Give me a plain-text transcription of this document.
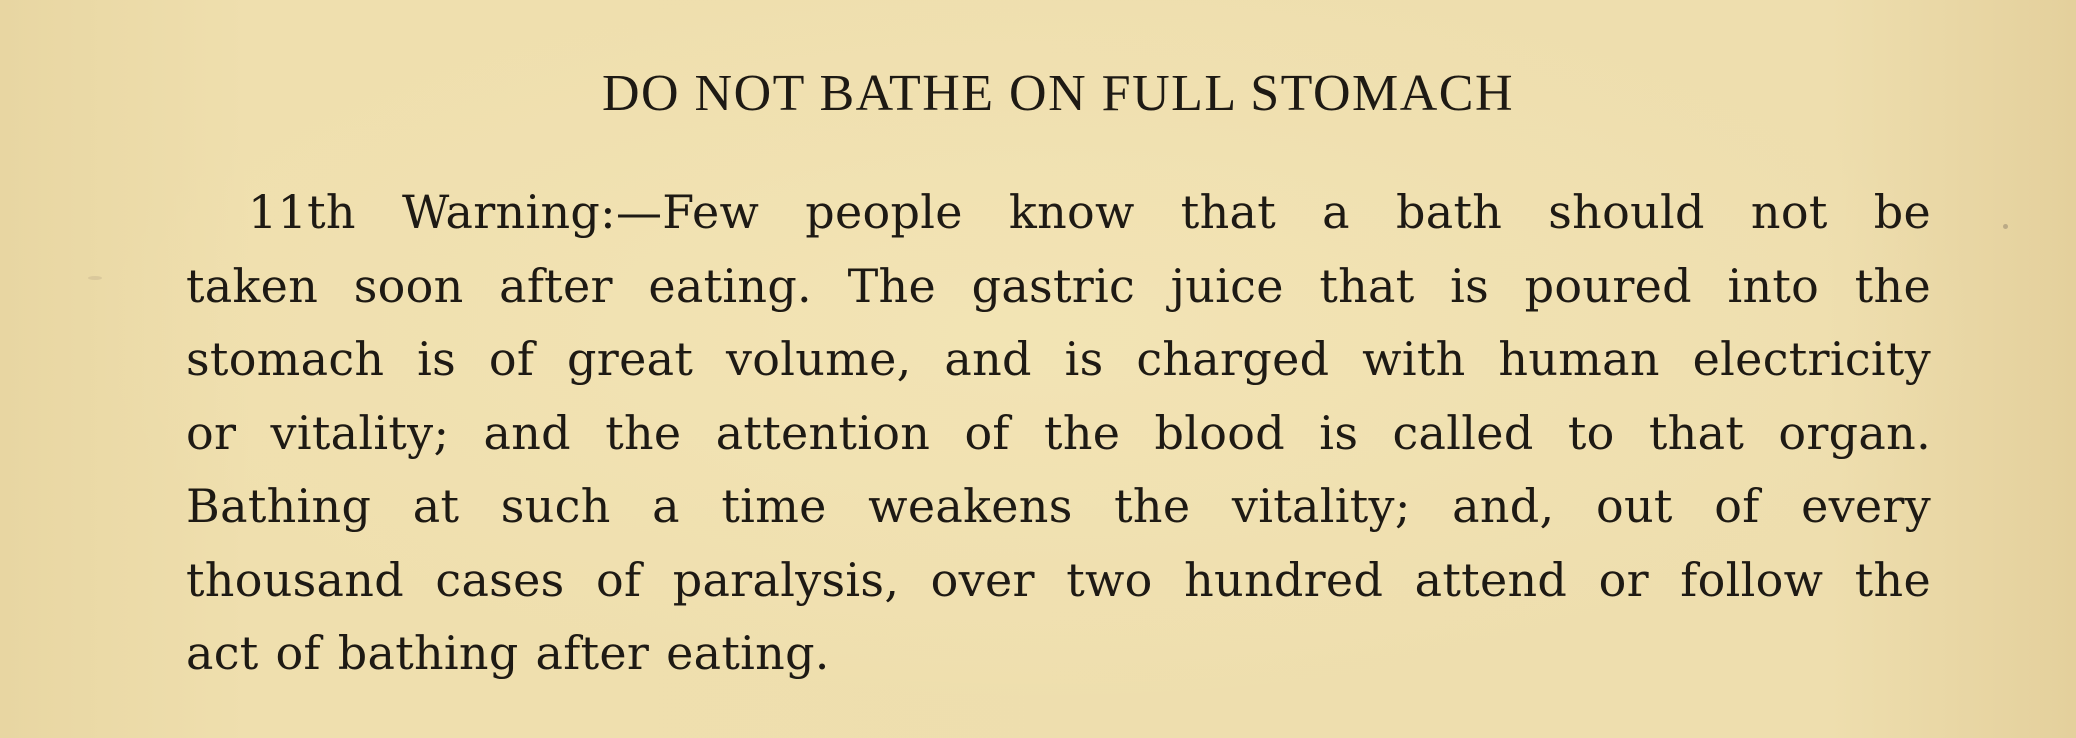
DO NOT BATHE ON FULL STOMACH
11th Warning:—Few people know that a bath should not be
taken soon after eating. The gastric juice that is poured into the
stomach is of great volume, and is charged with human electricity
or vitality; and the attention of the blood is called to that organ.
Bathing at such a time weakens the vitality; and, out of every
thousand cases of paralysis, over two hundred attend or follow the
act of bathing after eating.
